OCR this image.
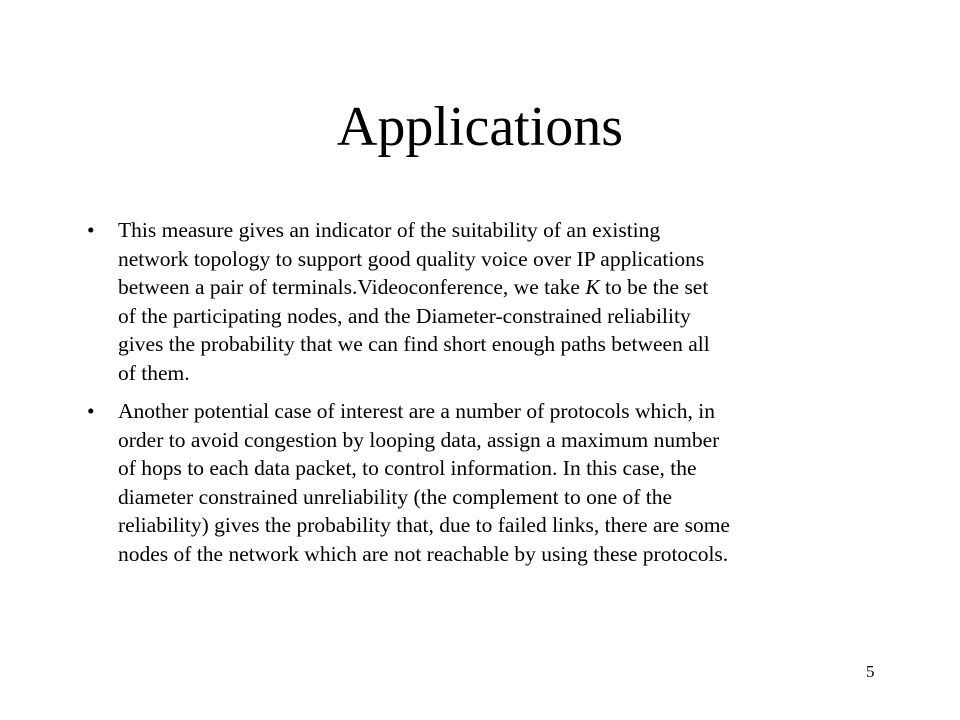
Applications
• This measure gives an indicator of the suitability of an existing
network topology to support good quality voice over IP applications
between a pair of terminals.Videoconference, we take K to be the set
of the participating nodes, and the Diameter-constrained reliability
gives the probability that we can find short enough paths between all
of them.
• Another potential case of interest are a number of protocols which, in
order to avoid congestion by looping data, assign a maximum number
of hops to each data packet, to control information. In this case, the
diameter constrained unreliability (the complement to one of the
reliability) gives the probability that, due to failed links, there are some
nodes of the network which are not reachable by using these protocols.
5
